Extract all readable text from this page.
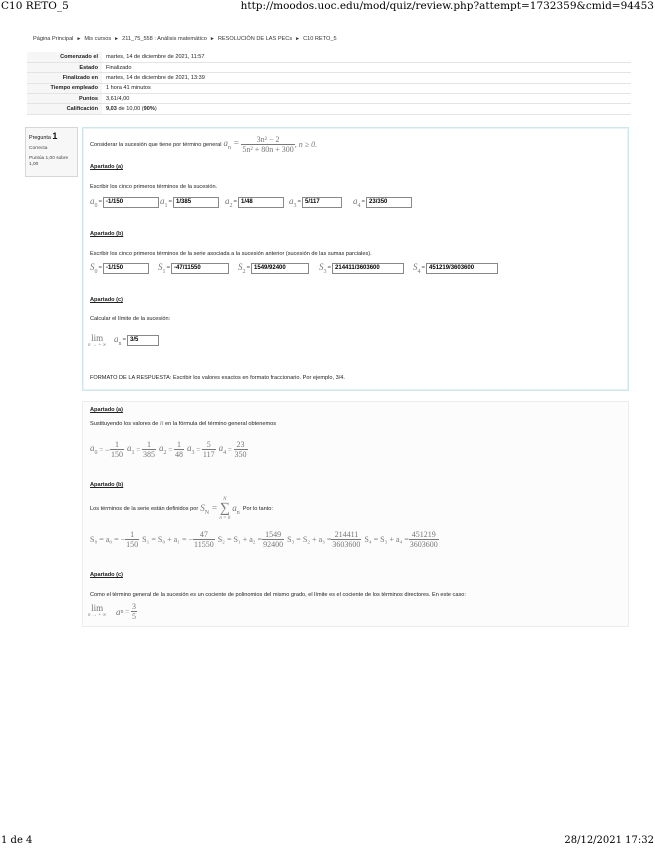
C10 RETO_5	http://moodos.uoc.edu/mod/quiz/review.php?attempt=1732359&cmid=94453
Página Principal ► Mis cursos ► 211_75_558 : Análisis matemático ► RESOLUCIÓN DE LAS PECs ► C10 RETO_5
Comenzado el	martes, 14 de diciembre de 2021, 11:57
Estado	Finalizado
Finalizado en	martes, 14 de diciembre de 2021, 13:39
Tiempo empleado	1 hora 41 minutos
Puntos	3,61/4,00
Calificación	9,03 de 10,00 (90%)
Pregunta 1
Correcta
Puntúa 1,00 sobre 1,00
Considerar la sucesión que tiene por término general $a_n = \frac{\text{3n² − 2}}{\text{5n² + 80n + 300}}$ , n ≥ 0.
Apartado (a)
Escribir los cinco primeros términos de la sucesión.
$a_0$
= -1/150	$a_1$
= 1/385	$a_2$
= 1/48	$a_3$
= 5/117	$a_4$
= 23/350
Apartado (b)
Escribir los cinco primeros términos de la serie asociada a la sucesión anterior (sucesión de las sumas parciales).
$S_0$
= -1/150	$S_1$
= -47/11550	$S_2$
= 1549/92400	$S_3$
= 214411/3603600	$S_4$
= 451219/3603600
Apartado (c)
Calcular el límite de la sucesión:
lim
n → + ∞
$a_n$
= 3/5
FORMATO DE LA RESPUESTA: Escribir los valores exactos en formato fraccionario. Por ejemplo, 3/4.
Apartado (a)
Sustituyendo los valores de n en la fórmula del término general obtenemos
$a_0$ = − $\frac{1}{150} a_1 = \frac{1}{385} a_2 = \frac{1}{48} a_3 = \frac{5}{117} a_4 = \frac{23}{350}$
Apartado (b)
Los términos de la serie están definidos por $S_N$ =
N
∑
n = 0
$a_n$
Por lo tanto:
S₀ = a₀ = − $\frac{1}{150} S_1 = S_0 + a_1$ = − $\frac{47}{11550} S_2 = S_1 + a_2 = \frac{1549}{92400} S_3 = S_2 + a_3 = \frac{214411}{3603600} S_4 = S_3 + a_4 = \frac{451219}{3603600}$
Apartado (c)
Como el término general de la sucesión es un cociente de polinomios del mismo grado, el límite es el cociente de los términos directores. En este caso:
lim
n → + ∞ a $n = \frac{3}{5}$
1 de 4	28/12/2021 17:32
